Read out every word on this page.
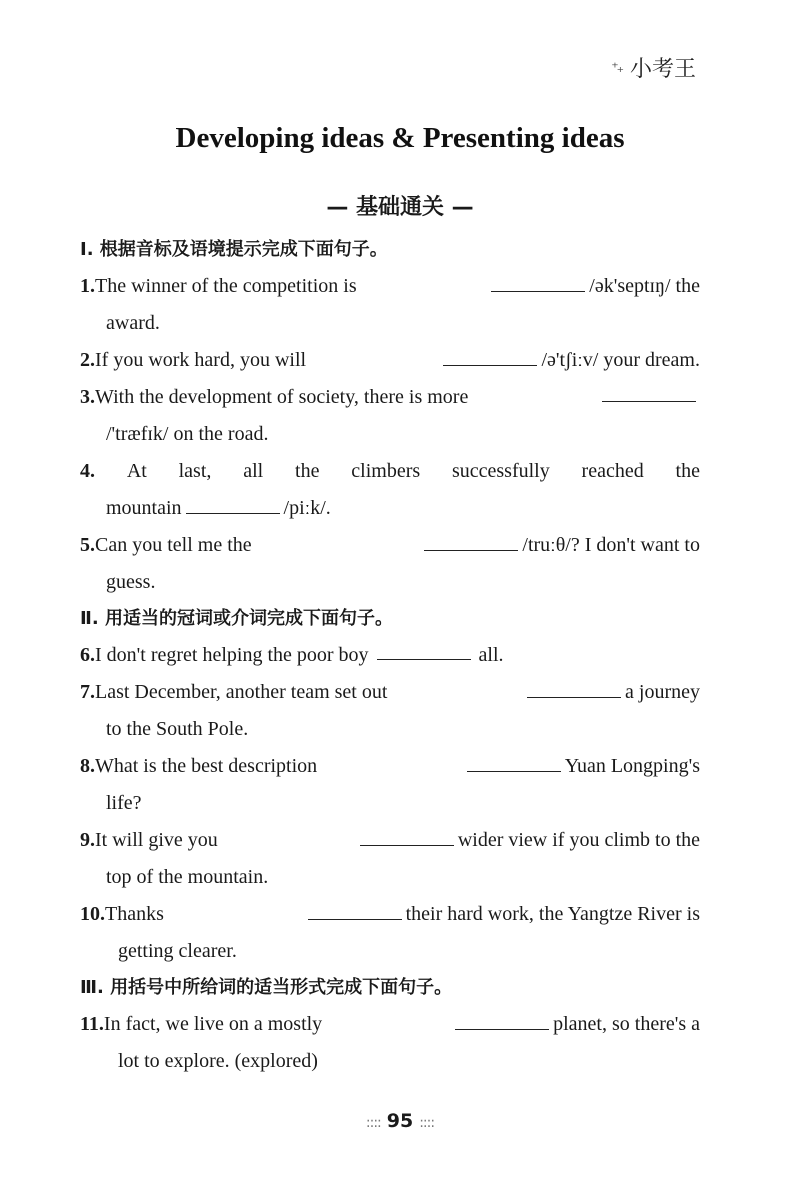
⁺₊ 小考王
Developing ideas & Presenting ideas
— 基础通关 —
Ⅰ. 根据音标及语境提示完成下面句子。
1.The winner of the competition is	/ək'septɪŋ/ the
award.
2.If you work hard, you will	/ə'tʃiːv/ your dream.
3.With the development of society, there is more
/'træfɪk/ on the road.
4. At last, all the climbers successfully reached the
mountain	/piːk/.
5.Can you tell me the	/truːθ/? I don't want to
guess.
Ⅱ. 用适当的冠词或介词完成下面句子。
6.I don't regret helping the poor boy	all.
7.Last December, another team set out	a journey
to the South Pole.
8.What is the best description	Yuan Longping's
life?
9.It will give you	wider view if you climb to the
top of the mountain.
10.Thanks	their hard work, the Yangtze River is
getting clearer.
Ⅲ. 用括号中所给词的适当形式完成下面句子。
11.In fact, we live on a mostly	planet, so there's a
lot to explore. (explored)
:::: 95 ::::
